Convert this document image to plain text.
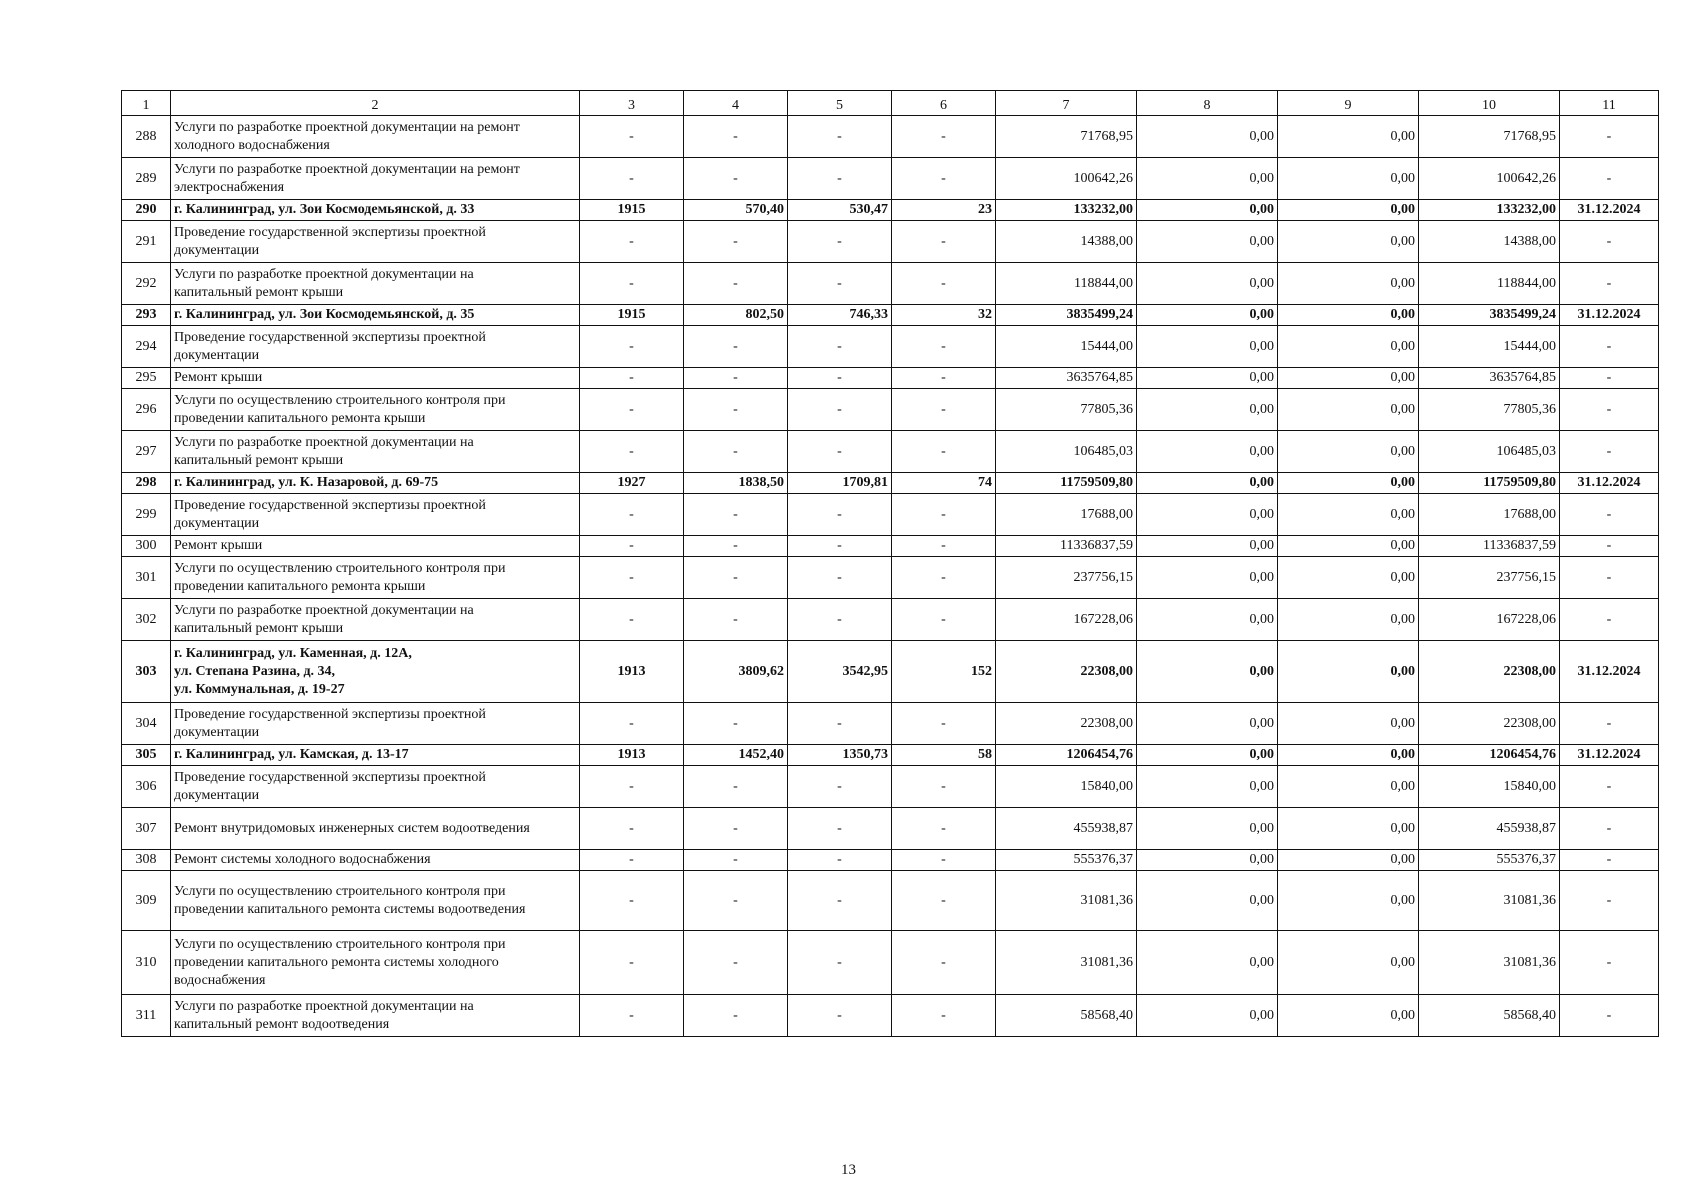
1	2	3	4	5	6	7	8	9	10	11
288	Услуги по разработке проектной документации на ремонт
холодного водоснабжения	-	-	-	-	71768,95	0,00	0,00	71768,95	-
289	Услуги по разработке проектной документации на ремонт
электроснабжения	-	-	-	-	100642,26	0,00	0,00	100642,26	-
290	г. Калининград, ул. Зои Космодемьянской, д. 33	1915	570,40	530,47	23	133232,00	0,00	0,00	133232,00	31.12.2024
291	Проведение государственной экспертизы проектной
документации	-	-	-	-	14388,00	0,00	0,00	14388,00	-
292	Услуги по разработке проектной документации на
капитальный ремонт крыши	-	-	-	-	118844,00	0,00	0,00	118844,00	-
293	г. Калининград, ул. Зои Космодемьянской, д. 35	1915	802,50	746,33	32	3835499,24	0,00	0,00	3835499,24	31.12.2024
294	Проведение государственной экспертизы проектной
документации	-	-	-	-	15444,00	0,00	0,00	15444,00	-
295	Ремонт крыши	-	-	-	-	3635764,85	0,00	0,00	3635764,85	-
296	Услуги по осуществлению строительного контроля при
проведении капитального ремонта крыши	-	-	-	-	77805,36	0,00	0,00	77805,36	-
297	Услуги по разработке проектной документации на
капитальный ремонт крыши	-	-	-	-	106485,03	0,00	0,00	106485,03	-
298	г. Калининград, ул. К. Назаровой, д. 69-75	1927	1838,50	1709,81	74	11759509,80	0,00	0,00	11759509,80	31.12.2024
299	Проведение государственной экспертизы проектной
документации	-	-	-	-	17688,00	0,00	0,00	17688,00	-
300	Ремонт крыши	-	-	-	-	11336837,59	0,00	0,00	11336837,59	-
301	Услуги по осуществлению строительного контроля при
проведении капитального ремонта крыши	-	-	-	-	237756,15	0,00	0,00	237756,15	-
302	Услуги по разработке проектной документации на
капитальный ремонт крыши	-	-	-	-	167228,06	0,00	0,00	167228,06	-
303	г. Калининград, ул. Каменная, д. 12А,
ул. Степана Разина, д. 34,
ул. Коммунальная, д. 19-27	1913	3809,62	3542,95	152	22308,00	0,00	0,00	22308,00	31.12.2024
304	Проведение государственной экспертизы проектной
документации	-	-	-	-	22308,00	0,00	0,00	22308,00	-
305	г. Калининград, ул. Камская, д. 13-17	1913	1452,40	1350,73	58	1206454,76	0,00	0,00	1206454,76	31.12.2024
306	Проведение государственной экспертизы проектной
документации	-	-	-	-	15840,00	0,00	0,00	15840,00	-
307	Ремонт внутридомовых инженерных систем водоотведения	-	-	-	-	455938,87	0,00	0,00	455938,87	-
308	Ремонт системы холодного водоснабжения	-	-	-	-	555376,37	0,00	0,00	555376,37	-
309	Услуги по осуществлению строительного контроля при
проведении капитального ремонта системы водоотведения	-	-	-	-	31081,36	0,00	0,00	31081,36	-
310	Услуги по осуществлению строительного контроля при
проведении капитального ремонта системы холодного
водоснабжения	-	-	-	-	31081,36	0,00	0,00	31081,36	-
311	Услуги по разработке проектной документации на
капитальный ремонт водоотведения	-	-	-	-	58568,40	0,00	0,00	58568,40	-
13
